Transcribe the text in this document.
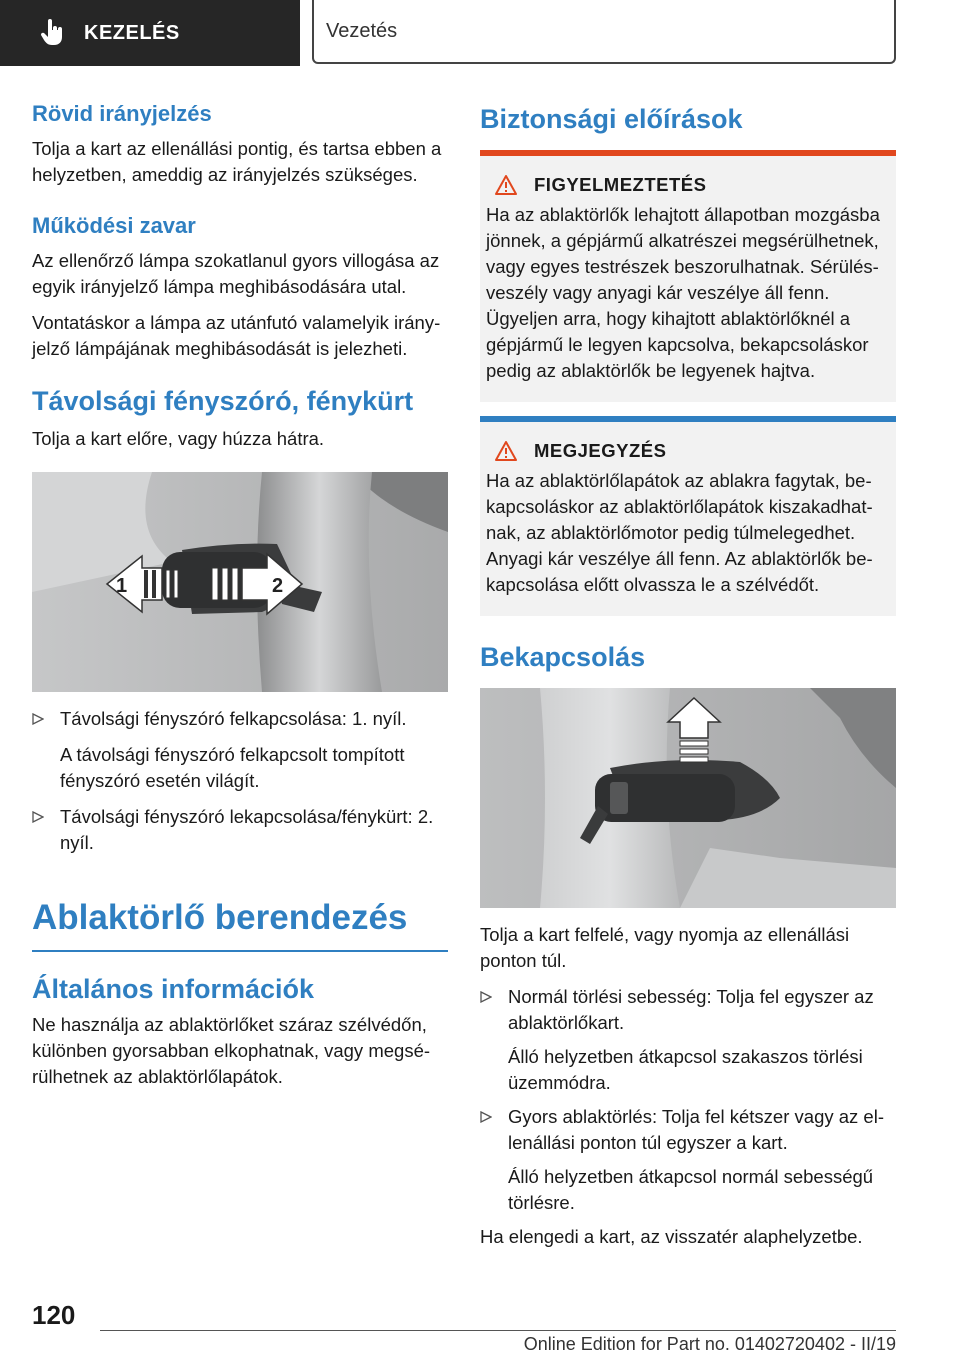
KEZELÉS	Vezetés
Rövid irányjelzés

Tolja a kart az ellenállási pontig, és tartsa ebben a helyzetben, ameddig az irányjelzés szükséges.

Működési zavar

Az ellenőrző lámpa szokatlanul gyors villogása az egyik irányjelző lámpa meghibásodására utal.

Vontatáskor a lámpa az utánfutó valamelyik irány-jelző lámpájának meghibásodását is jelezheti.

Távolsági fényszóró, fénykürt

Tolja a kart előre, vagy húzza hátra.

1	2
Távolsági fényszóró felkapcsolása: 1. nyíl.
A távolsági fényszóró felkapcsolt tompított fényszóró esetén világít.
Távolsági fényszóró lekapcsolása/fénykürt: 2. nyíl.
Ablaktörlő berendezés
Általános információk

Ne használja az ablaktörlőket száraz szélvédőn, különben gyorsabban elkophatnak, vagy megsé-rülhetnek az ablaktörlőlapátok.

Biztonsági előírások
FIGYELMEZTETÉS

Ha az ablaktörlők lehajtott állapotban mozgásba jönnek, a gépjármű alkatrészei megsérülhetnek, vagy egyes testrészek beszorulhatnak. Sérülés-veszély vagy anyagi kár veszélye áll fenn. Ügyeljen arra, hogy kihajtott ablaktörlőknél a gépjármű le legyen kapcsolva, bekapcsoláskor pedig az ablaktörlők be legyenek hajtva.

MEGJEGYZÉS

Ha az ablaktörlőlapátok az ablakra fagytak, be-kapcsoláskor az ablaktörlőlapátok kiszakadhat-nak, az ablaktörlőmotor pedig túlmelegedhet. Anyagi kár veszélye áll fenn. Az ablaktörlők be-kapcsolása előtt olvassza le a szélvédőt.

Bekapcsolás

Tolja a kart felfelé, vagy nyomja az ellenállási ponton túl.

Normál törlési sebesség: Tolja fel egyszer az ablaktörlőkart.
Álló helyzetben átkapcsol szakaszos törlési üzemmódra.
Gyors ablaktörlés: Tolja fel kétszer vagy az el-lenállási ponton túl egyszer a kart.
Álló helyzetben átkapcsol normál sebességű törlésre.

Ha elengedi a kart, az visszatér alaphelyzetbe.

120
Online Edition for Part no. 01402720402 - II/19
